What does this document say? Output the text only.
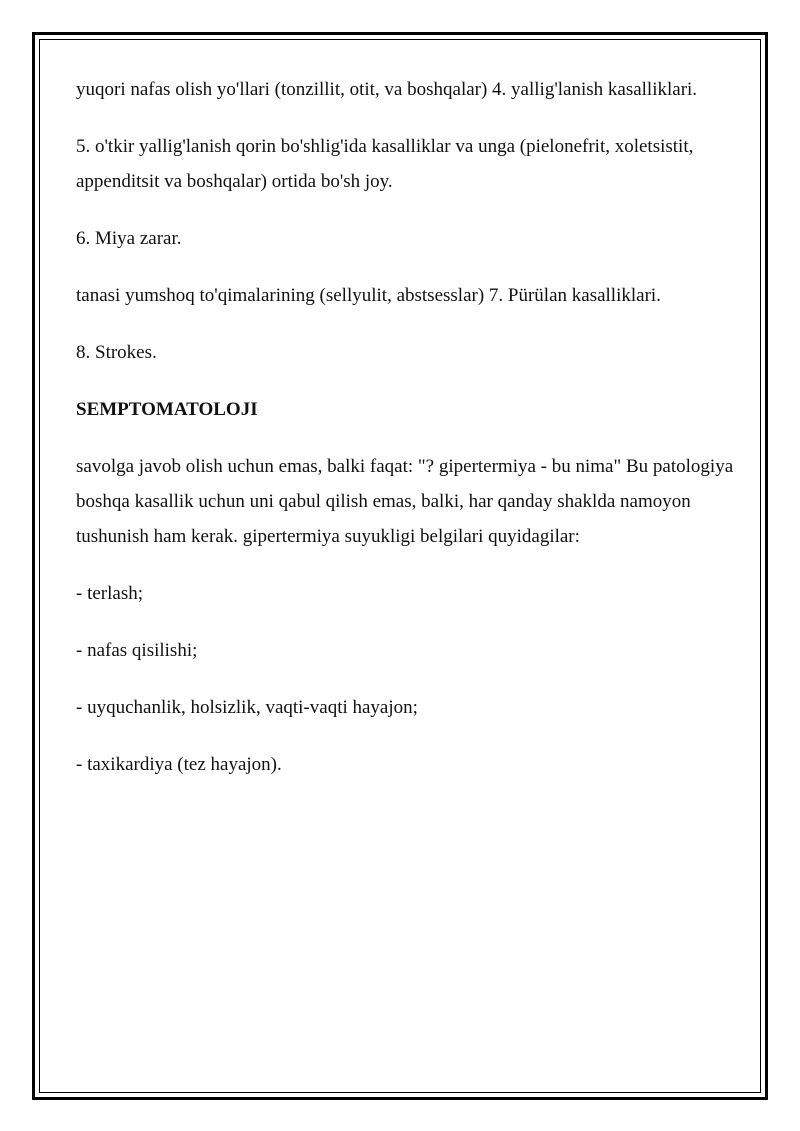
yuqori nafas olish yo'llari (tonzillit, otit, va boshqalar) 4. yallig'lanish kasalliklari.

5. o'tkir yallig'lanish qorin bo'shlig'ida kasalliklar va unga (pielonefrit, xoletsistit, appenditsit va boshqalar) ortida bo'sh joy.

6. Miya zarar.

tanasi yumshoq to'qimalarining (sellyulit, abstsesslar) 7. Pürülan kasalliklari.

8. Strokes.

SEMPTOMATOLOJI

savolga javob olish uchun emas, balki faqat: "? gipertermiya - bu nima" Bu patologiya boshqa kasallik uchun uni qabul qilish emas, balki, har qanday shakldа namoyon tushunish ham kerak. gipertermiya suyukligi belgilari quyidagilar:

- terlash;

- nafas qisilishi;

- uyquchanlik, holsizlik, vaqti-vaqti hayajon;

- taxikardiya (tez hayajon).
